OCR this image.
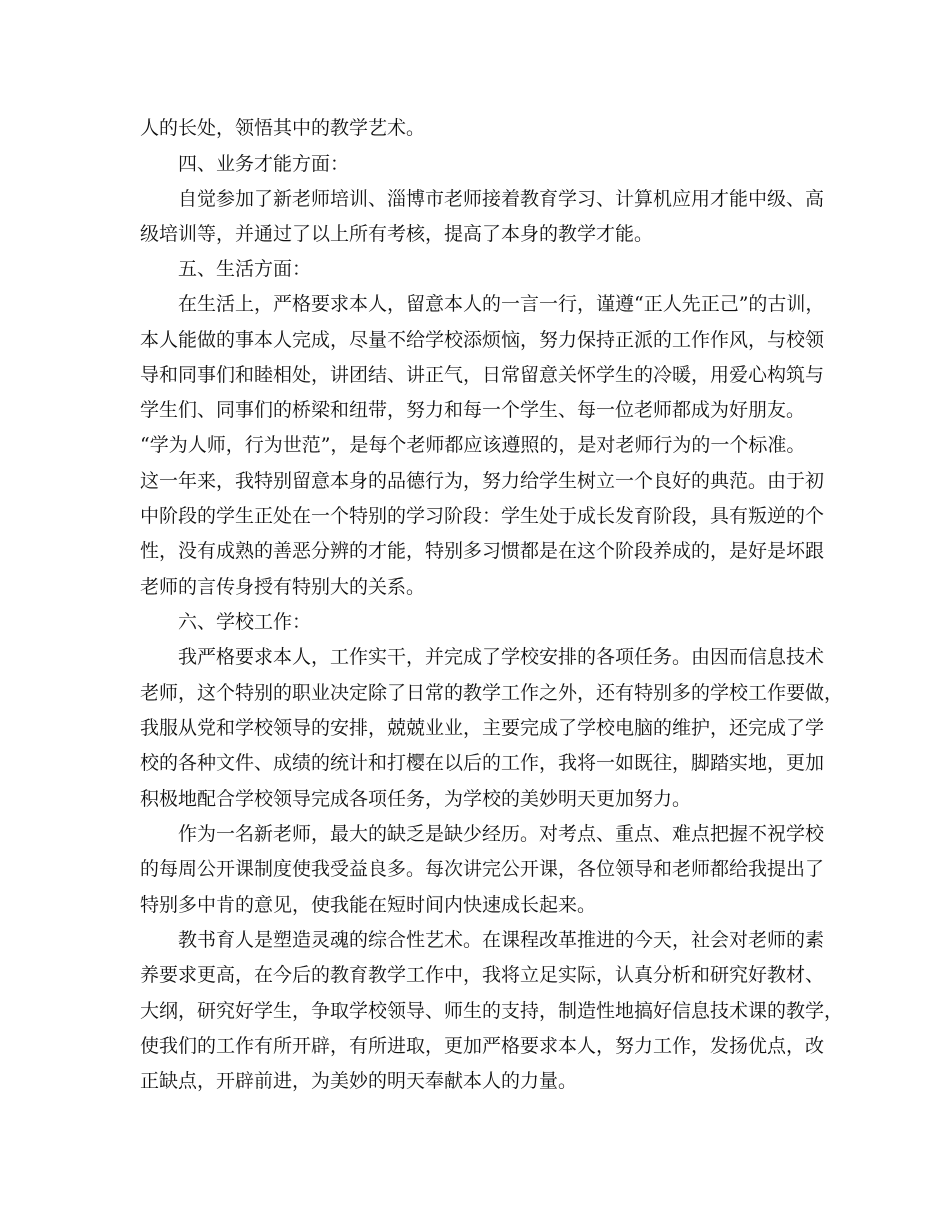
人的长处，领悟其中的教学艺术。
四、业务才能方面：
自觉参加了新老师培训、淄博市老师接着教育学习、计算机应用才能中级、高
级培训等，并通过了以上所有考核，提高了本身的教学才能。
五、生活方面：
在生活上，严格要求本人，留意本人的一言一行，谨遵“正人先正己”的古训，
本人能做的事本人完成，尽量不给学校添烦恼，努力保持正派的工作作风，与校领
导和同事们和睦相处，讲团结、讲正气，日常留意关怀学生的冷暖，用爱心构筑与
学生们、同事们的桥梁和纽带，努力和每一个学生、每一位老师都成为好朋友。
“学为人师，行为世范”，是每个老师都应该遵照的，是对老师行为的一个标准。
这一年来，我特别留意本身的品德行为，努力给学生树立一个良好的典范。由于初
中阶段的学生正处在一个特别的学习阶段：学生处于成长发育阶段，具有叛逆的个
性，没有成熟的善恶分辨的才能，特别多习惯都是在这个阶段养成的，是好是坏跟
老师的言传身授有特别大的关系。
六、学校工作：
我严格要求本人，工作实干，并完成了学校安排的各项任务。由因而信息技术
老师，这个特别的职业决定除了日常的教学工作之外，还有特别多的学校工作要做，
我服从党和学校领导的安排，兢兢业业，主要完成了学校电脑的维护，还完成了学
校的各种文件、成绩的统计和打樱在以后的工作，我将一如既往，脚踏实地，更加
积极地配合学校领导完成各项任务，为学校的美妙明天更加努力。
作为一名新老师，最大的缺乏是缺少经历。对考点、重点、难点把握不祝学校
的每周公开课制度使我受益良多。每次讲完公开课，各位领导和老师都给我提出了
特别多中肯的意见，使我能在短时间内快速成长起来。
教书育人是塑造灵魂的综合性艺术。在课程改革推进的今天，社会对老师的素
养要求更高，在今后的教育教学工作中，我将立足实际，认真分析和研究好教材、
大纲，研究好学生，争取学校领导、师生的支持，制造性地搞好信息技术课的教学，
使我们的工作有所开辟，有所进取，更加严格要求本人，努力工作，发扬优点，改
正缺点，开辟前进，为美妙的明天奉献本人的力量。
